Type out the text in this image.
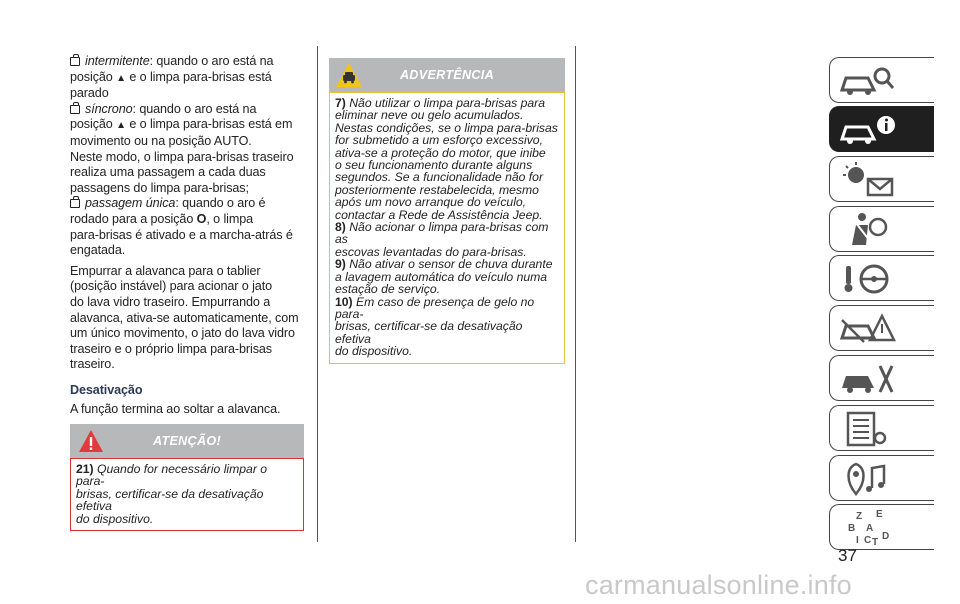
intermitente: quando o aro está na
posição ▲ e o limpa para-brisas está
parado

síncrono: quando o aro está na
posição ▲ e o limpa para-brisas está em
movimento ou na posição AUTO.

Neste modo, o limpa para-brisas traseiro
realiza uma passagem a cada duas
passagens do limpa para-brisas;

passagem única: quando o aro é
rodado para a posição O, o limpa
para-brisas é ativado e a marcha-atrás é
engatada.

Empurrar a alavanca para o tablier
(posição instável) para acionar o jato
do lava vidro traseiro. Empurrando a
alavanca, ativa-se automaticamente, com
um único movimento, o jato do lava vidro
traseiro e o próprio limpa para-brisas
traseiro.

Desativação

A função termina ao soltar a alavanca.

ATENÇÃO!
21) Quando for necessário limpar o para-
brisas, certificar-se da desativação efetiva
do dispositivo.
ADVERTÊNCIA
7) Não utilizar o limpa para-brisas para
eliminar neve ou gelo acumulados.
Nestas condições, se o limpa para-brisas
for submetido a um esforço excessivo,
ativa-se a proteção do motor, que inibe
o seu funcionamento durante alguns
segundos. Se a funcionalidade não for
posteriormente restabelecida, mesmo
após um novo arranque do veículo,
contactar a Rede de Assistência Jeep.
8) Não acionar o limpa para-brisas com as
escovas levantadas do para-brisas.
9) Não ativar o sensor de chuva durante
a lavagem automática do veículo numa
estação de serviço.
10) Em caso de presença de gelo no para-
brisas, certificar-se da desativação efetiva
do dispositivo.
Z E
B A
I C T
D
37
carmanualsonline.info
